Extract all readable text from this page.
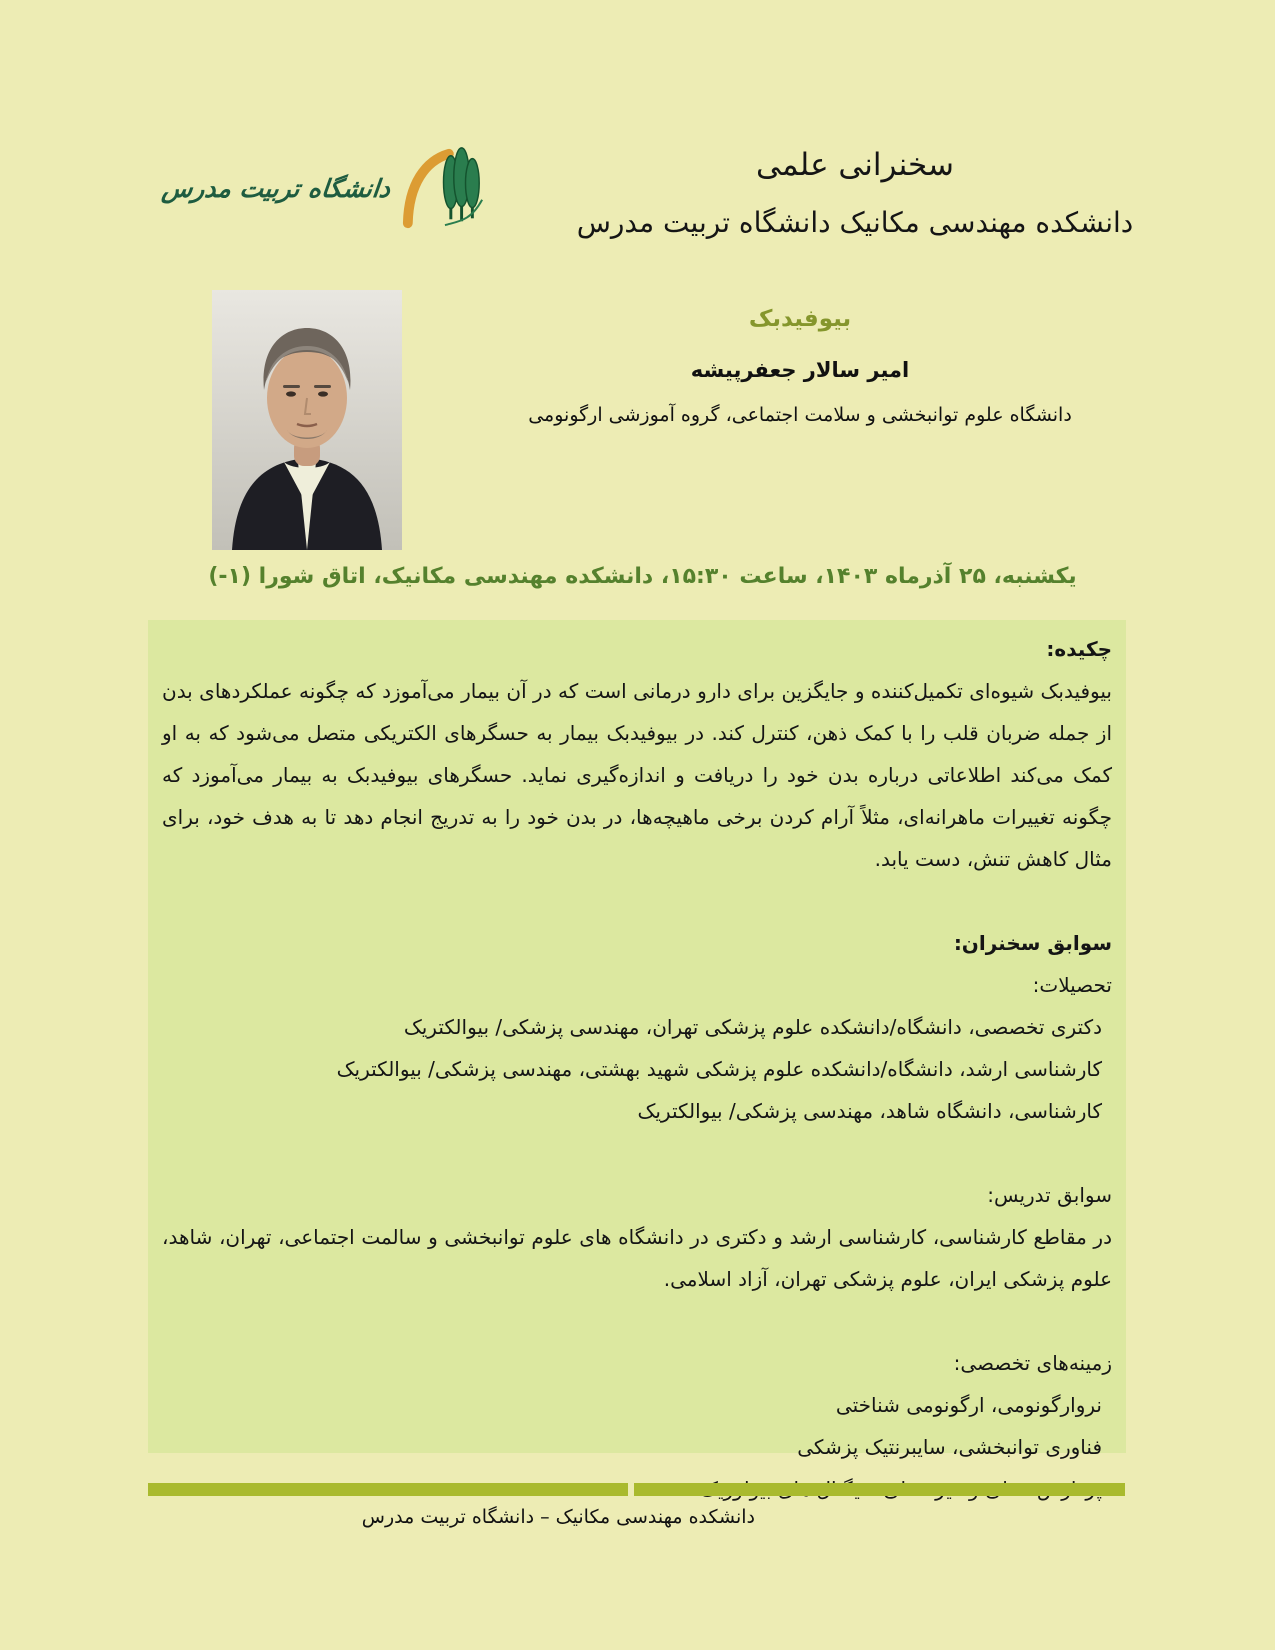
دانشگاه تربیت مدرس
سخنرانی علمی
دانشکده مهندسی مکانیک دانشگاه تربیت مدرس
بیوفیدبک
امیر سالار جعفرپیشه
دانشگاه علوم توانبخشی و سلامت اجتماعی، گروه آموزشی ارگونومی
یکشنبه، ۲۵ آذرماه ۱۴۰۳، ساعت ۱۵:۳۰، دانشکده مهندسی مکانیک، اتاق شورا (۱-)

چکیده:

بیوفیدبک شیوه‌ای تکمیل‌کننده و جایگزین برای دارو درمانی است که در آن بیمار می‌آموزد که چگونه عملکردهای بدن از جمله ضربان قلب را با کمک ذهن، کنترل کند. در بیوفیدبک بیمار به حسگرهای الکتریکی متصل می‌شود که به او کمک می‌کند اطلاعاتی درباره بدن خود را دریافت و اندازه‌گیری نماید. حسگرهای بیوفیدبک به بیمار می‌آموزد که چگونه تغییرات ماهرانه‌ای، مثلاً آرام کردن برخی ماهیچه‌ها، در بدن خود را به تدریج انجام دهد تا به هدف خود، برای مثال کاهش تنش، دست یابد.

سوابق سخنران:

تحصیلات:

دکتری تخصصی، دانشگاه/دانشکده علوم پزشکی تهران، مهندسی پزشکی/ بیوالکتریک

کارشناسی ارشد، دانشگاه/دانشکده علوم پزشکی شهید بهشتی، مهندسی پزشکی/ بیوالکتریک

کارشناسی، دانشگاه شاهد، مهندسی پزشکی/ بیوالکتریک

سوابق تدریس:

در مقاطع کارشناسی، کارشناسی ارشد و دکتری در دانشگاه های علوم توانبخشی و سالمت اجتماعی، تهران، شاهد، علوم پزشکی ایران، علوم پزشکی تهران، آزاد اسلامی.

زمینه‌های تخصصی:

نروارگونومی، ارگونومی شناختی

فناوری توانبخشی، سایبرنتیک پزشکی

دانشکده مهندسی مکانیک – دانشگاه تربیت مدرس
